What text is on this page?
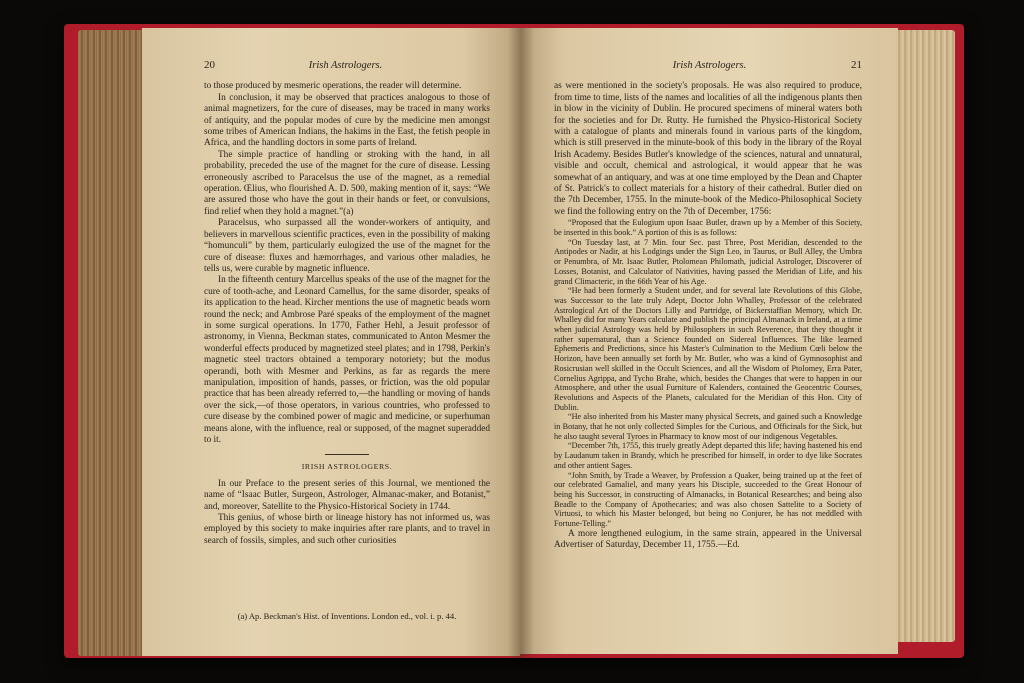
20	Irish Astrologers.

to those produced by mesmeric operations, the reader will determine.

In conclusion, it may be observed that practices analogous to those of animal magnetizers, for the cure of diseases, may be traced in many works of antiquity, and the popular modes of cure by the medicine men amongst some tribes of American Indians, the hakims in the East, the fetish people in Africa, and the handling doctors in some parts of Ireland.

The simple practice of handling or stroking with the hand, in all probability, preceded the use of the magnet for the cure of disease. Lessing erroneously ascribed to Paracelsus the use of the magnet, as a remedial operation. Œlius, who flourished A. D. 500, making mention of it, says: “We are assured those who have the gout in their hands or feet, or convulsions, find relief when they hold a magnet.”(a)

Paracelsus, who surpassed all the wonder-workers of antiquity, and believers in marvellous scientific practices, even in the possibility of making “homunculi” by them, particularly eulogized the use of the magnet for the cure of disease: fluxes and hæmorrhages, and various other maladies, he tells us, were curable by magnetic influence.

In the fifteenth century Marcellus speaks of the use of the magnet for the cure of tooth-ache, and Leonard Camellus, for the same disorder, speaks of its application to the head. Kircher mentions the use of magnetic beads worn round the neck; and Ambrose Paré speaks of the employment of the magnet in some surgical operations. In 1770, Father Hehl, a Jesuit professor of astronomy, in Vienna, Beckman states, communicated to Anton Mesmer the wonderful effects produced by magnetized steel plates; and in 1798, Perkin's magnetic steel tractors obtained a temporary notoriety; but the modus operandi, both with Mesmer and Perkins, as far as regards the mere manipulation, imposition of hands, passes, or friction, was the old popular practice that has been already referred to,—the handling or moving of hands over the sick,—of those operators, in various countries, who professed to cure disease by the combined power of magic and medicine, or superhuman means alone, with the influence, real or supposed, of the magnet superadded to it.

IRISH ASTROLOGERS.

In our Preface to the present series of this Journal, we mentioned the name of “Isaac Butler, Surgeon, Astrologer, Almanac-maker, and Botanist,” and, moreover, Satellite to the Physico-Historical Society in 1744.

This genius, of whose birth or lineage history has not informed us, was employed by this society to make inquiries after rare plants, and to travel in search of fossils, simples, and such other curiosities

(a) Ap. Beckman's Hist. of Inventions. London ed., vol. i. p. 44.
Irish Astrologers.	21

as were mentioned in the society's proposals. He was also required to produce, from time to time, lists of the names and localities of all the indigenous plants then in blow in the vicinity of Dublin. He procured specimens of mineral waters both for the societies and for Dr. Rutty. He furnished the Physico-Historical Society with a catalogue of plants and minerals found in various parts of the kingdom, which is still preserved in the minute-book of this body in the library of the Royal Irish Academy. Besides Butler's knowledge of the sciences, natural and unnatural, visible and occult, chemical and astrological, it would appear that he was somewhat of an antiquary, and was at one time employed by the Dean and Chapter of St. Patrick's to collect materials for a history of their cathedral. Butler died on the 7th December, 1755. In the minute-book of the Medico-Philosophical Society we find the following entry on the 7th of December, 1756:

“Proposed that the Eulogium upon Isaac Butler, drawn up by a Member of this Society, be inserted in this book.” A portion of this is as follows:

“On Tuesday last, at 7 Min. four Sec. past Three, Post Meridian, descended to the Antipodes or Nadir, at his Lodgings under the Sign Leo, in Taurus, or Bull Alley, the Umbra or Penumbra, of Mr. Isaac Butler, Ptolomean Philomath, judicial Astrologer, Discoverer of Losses, Botanist, and Calculator of Nativities, having passed the Meridian of Life, and his grand Climacteric, in the 66th Year of his Age.

“He had been formerly a Student under, and for several late Revolutions of this Globe, was Successor to the late truly Adept, Doctor John Whalley, Professor of the celebrated Astrological Art of the Doctors Lilly and Partridge, of Bickerstaffian Memory, which Dr. Whalley did for many Years calculate and publish the principal Almanack in Ireland, at a time when judicial Astrology was held by Philosophers in such Reverence, that they thought it rather supernatural, than a Science founded on Sidereal Influences. The like learned Ephemeris and Predictions, since his Master's Culmination to the Medium Cœli below the Horizon, have been annually set forth by Mr. Butler, who was a kind of Gymnosophist and Rosicrusian well skilled in the Occult Sciences, and all the Wisdom of Ptolomey, Erra Pater, Cornelius Agrippa, and Tycho Brahe, which, besides the Changes that were to happen in our Atmosphere, and other the usual Furniture of Kalenders, contained the Geocentric Courses, Revolutions and Aspects of the Planets, calculated for the Meridian of this Hon. City of Dublin.

“He also inherited from his Master many physical Secrets, and gained such a Knowledge in Botany, that he not only collected Simples for the Curious, and Officinals for the Sick, but he also taught several Tyroes in Pharmacy to know most of our indigenous Vegetables.

“December 7th, 1755, this truely greatly Adept departed this life; having hastened his end by Laudanum taken in Brandy, which he prescribed for himself, in order to dye like Socrates and other antient Sages.

“John Smith, by Trade a Weaver, by Profession a Quaker, being trained up at the feet of our celebrated Gamaliel, and many years his Disciple, succeeded to the Great Honour of being his Successor, in constructing of Almanacks, in Botanical Researches; and being also Beadle to the Company of Apothecaries; and was also chosen Sattelite to a Society of Virtuosi, to which his Master belonged, but being no Conjurer, he has not meddled with Fortune-Telling.”

A more lengthened eulogium, in the same strain, appeared in the Universal Advertiser of Saturday, December 11, 1755.—Ed.
